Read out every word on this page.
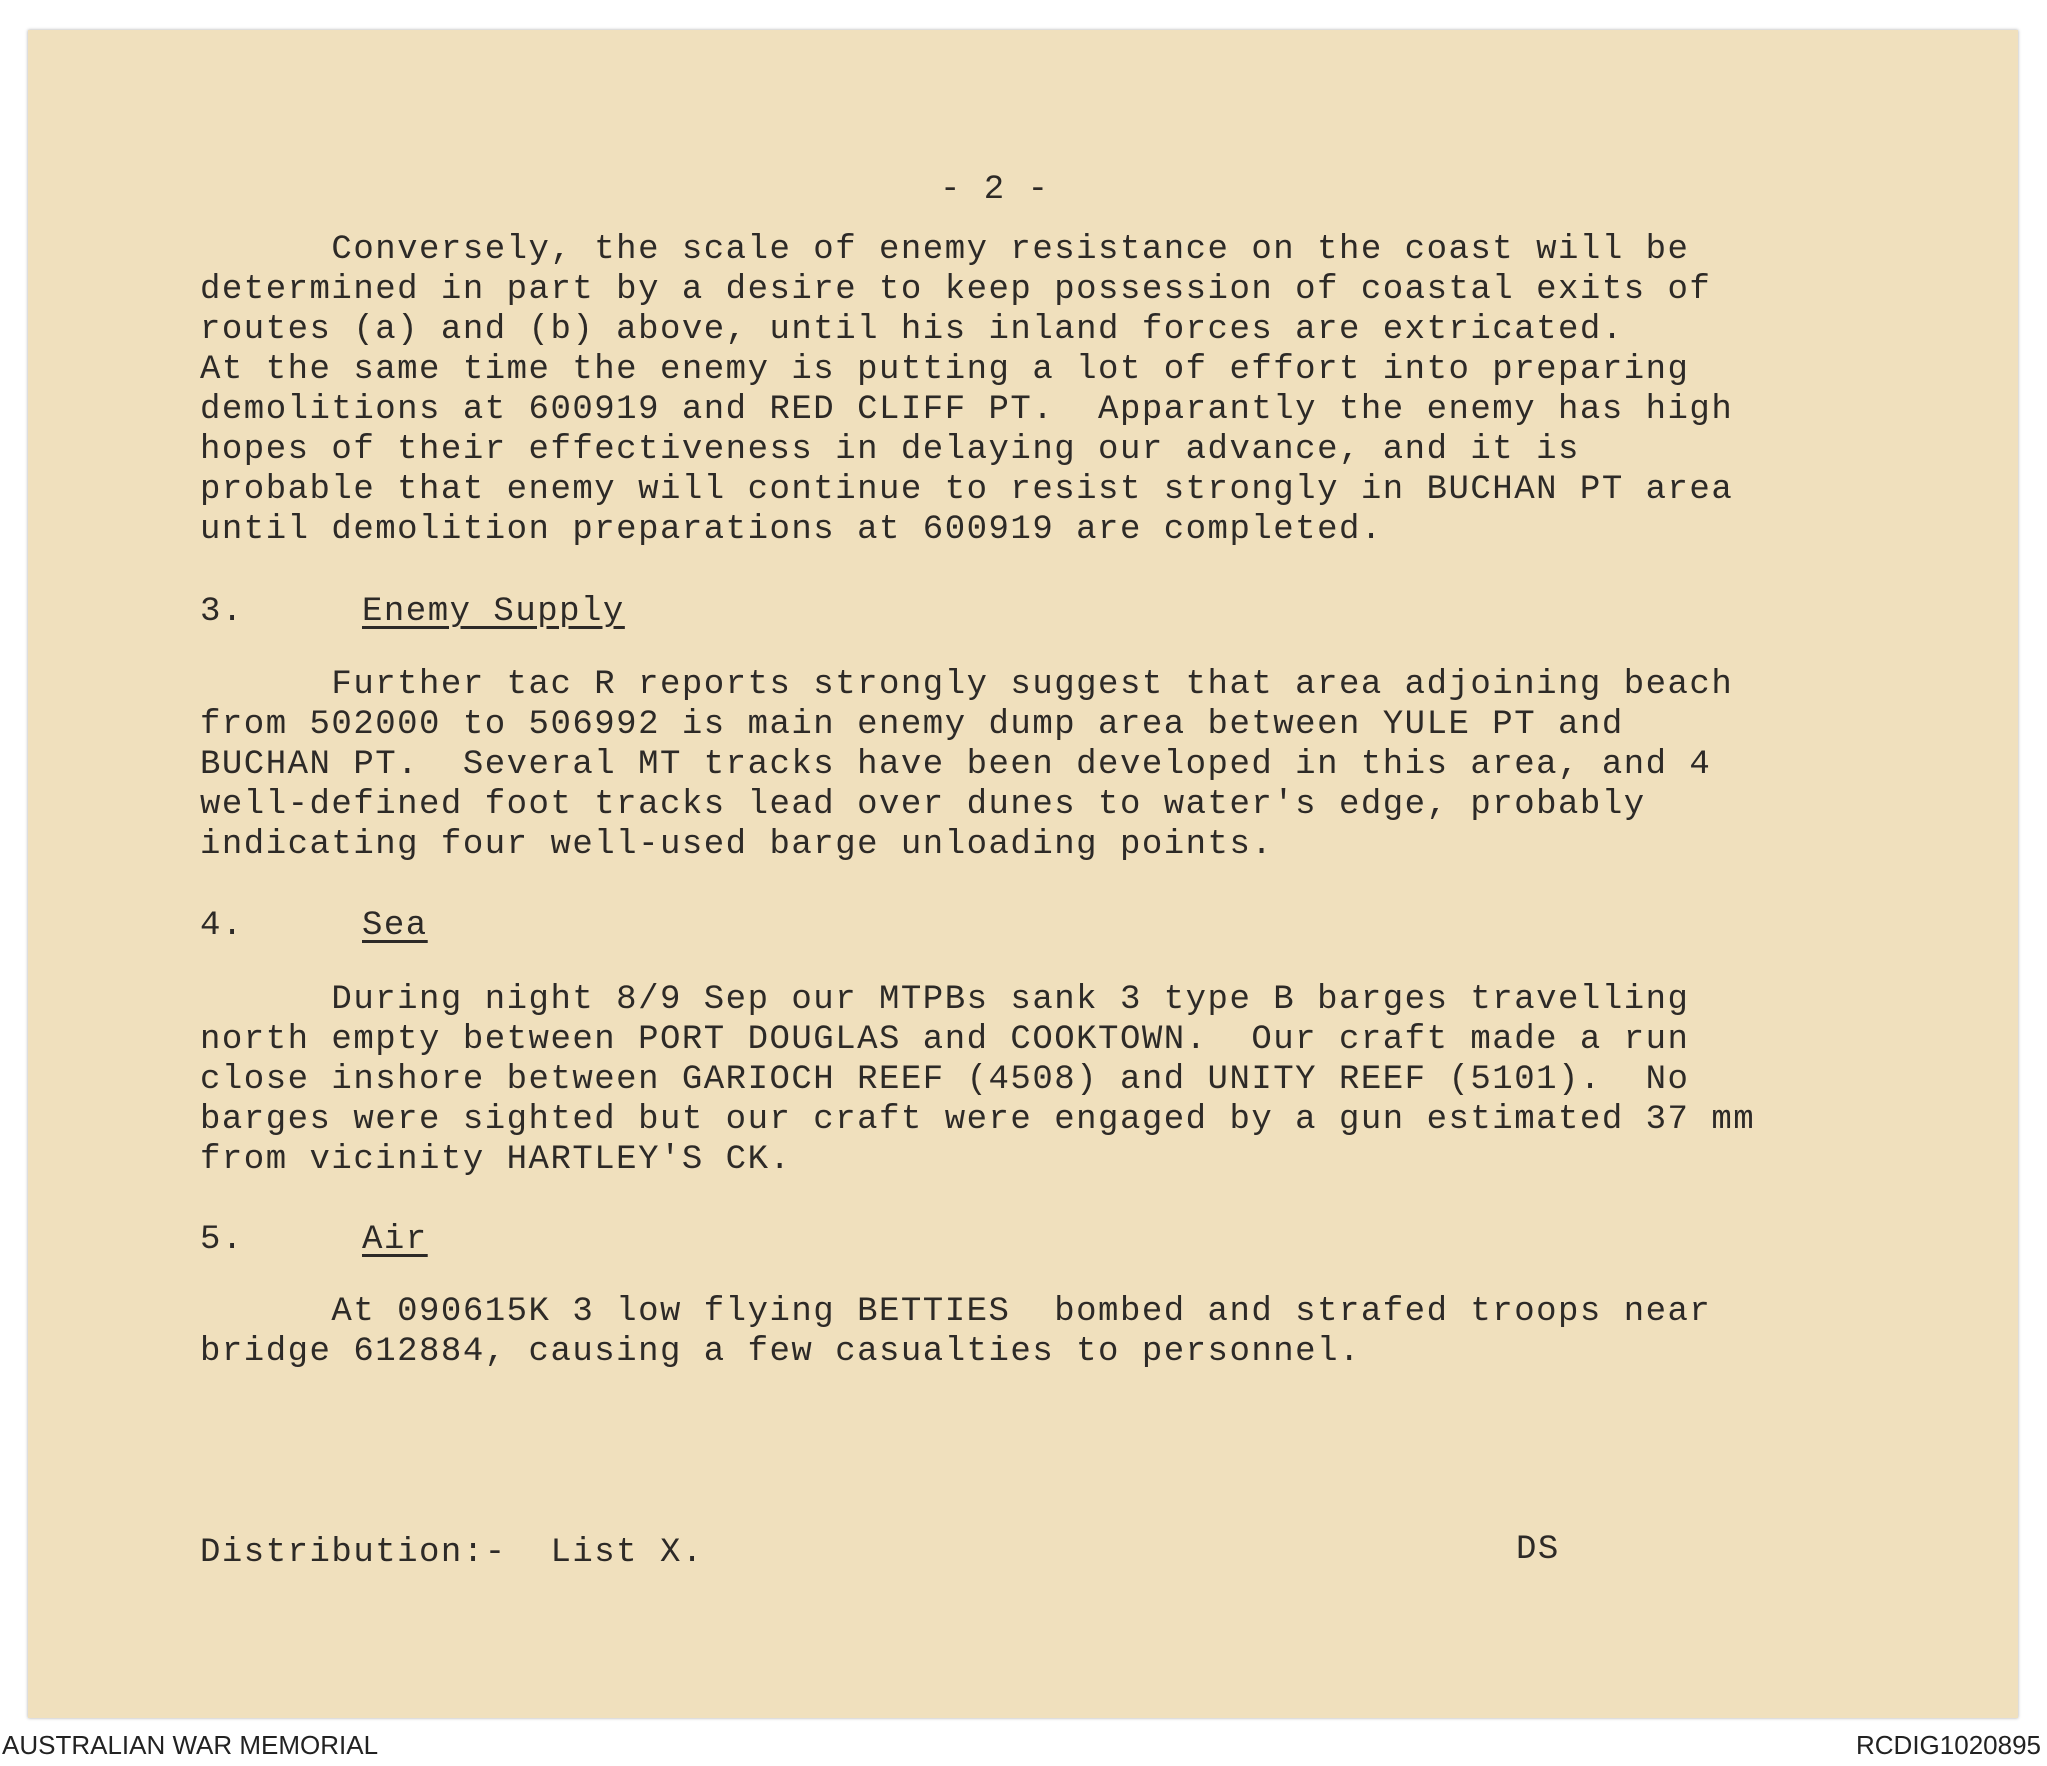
- 2 -

Conversely, the scale of enemy resistance on the coast will be
determined in part by a desire to keep possession of coastal exits of
routes (a) and (b) above, until his inland forces are extricated.
At the same time the enemy is putting a lot of effort into preparing
demolitions at 600919 and RED CLIFF PT.  Apparantly the enemy has high
hopes of their effectiveness in delaying our advance, and it is
probable that enemy will continue to resist strongly in BUCHAN PT area
until demolition preparations at 600919 are completed.

3.	Enemy Supply

Further tac R reports strongly suggest that area adjoining beach
from 502000 to 506992 is main enemy dump area between YULE PT and
BUCHAN PT.  Several MT tracks have been developed in this area, and 4
well-defined foot tracks lead over dunes to water's edge, probably
indicating four well-used barge unloading points.

4.	Sea

During night 8/9 Sep our MTPBs sank 3 type B barges travelling
north empty between PORT DOUGLAS and COOKTOWN.  Our craft made a run
close inshore between GARIOCH REEF (4508) and UNITY REEF (5101).  No
barges were sighted but our craft were engaged by a gun estimated 37 mm
from vicinity HARTLEY'S CK.

5.	Air

At 090615K 3 low flying BETTIES  bombed and strafed troops near
bridge 612884, causing a few casualties to personnel.

Distribution:-  List X.	DS

AUSTRALIAN WAR MEMORIAL	RCDIG1020895
